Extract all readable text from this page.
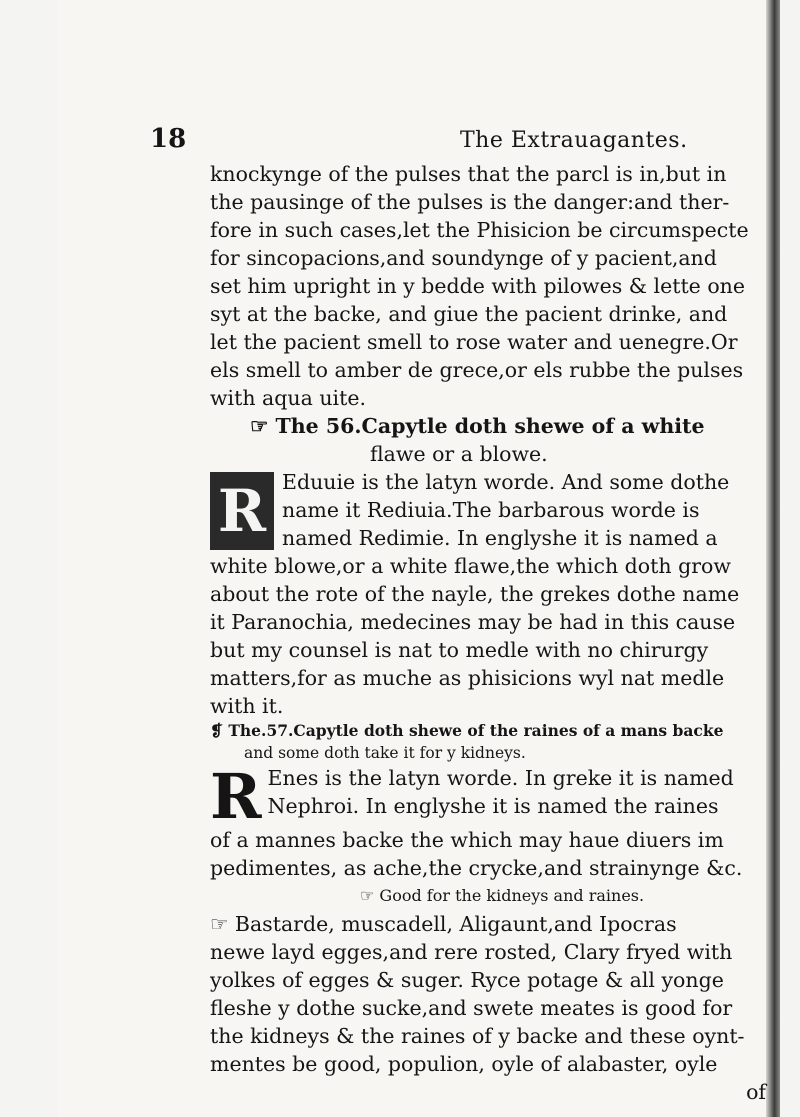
18	The Extrauagantes.

knockynge of the pulses that the parcl is in,but in
the pausinge of the pulses is the danger:and ther-
fore in such cases,let the Phisicion be circumspecte
for sincopacions,and soundynge of y pacient,and
set him upright in y bedde with pilowes & lette one
syt at the backe, and giue the pacient drinke, and
let the pacient smell to rose water and uenegre.Or
els smell to amber de grece,or els rubbe the pulses
with aqua uite.

☞ The 56.Capytle doth shewe of a white
flawe or a blowe.

R Eduuie is the latyn worde. And some dothe
name it Rediuia.The barbarous worde is
named Redimie. In englyshe it is named a
white blowe,or a white flawe,the which doth grow
about the rote of the nayle, the grekes dothe name
it Paranochia, medecines may be had in this cause
but my counsel is nat to medle with no chirurgy
matters,for as muche as phisicions wyl nat medle
with it.

❡ The.57.Capytle doth shewe of the raines of a mans backe
and some doth take it for y kidneys.

R Enes is the latyn worde. In greke it is named
Nephroi. In englyshe it is named the raines
of a mannes backe the which may haue diuers im
pedimentes, as ache,the crycke,and strainynge &c.

☞ Good for the kidneys and raines.

☞ Bastarde, muscadell, Aligaunt,and Ipocras
newe layd egges,and rere rosted, Clary fryed with
yolkes of egges & suger. Ryce potage & all yonge
fleshe y dothe sucke,and swete meates is good for
the kidneys & the raines of y backe and these oynt-
mentes be good, populion, oyle of alabaster, oyle

of
